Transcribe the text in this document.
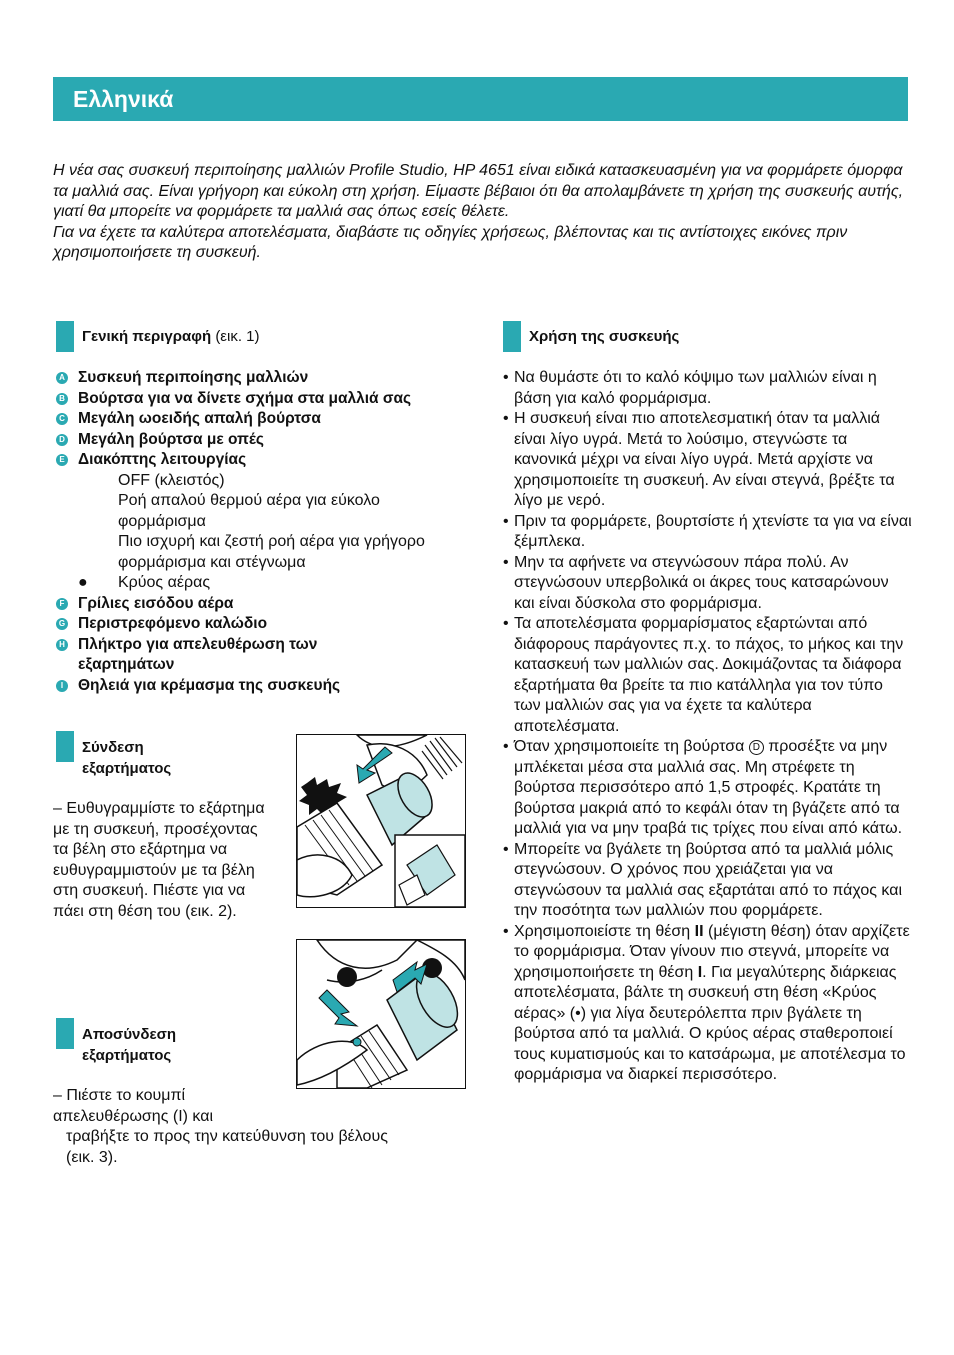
Ελληνικά

Η νέα σας συσκευή περιποίησης μαλλιών Profile Studio, HP 4651 είναι ειδικά κατασκευασμένη για να φορμάρετε όμορφα τα μαλλιά σας. Είναι γρήγορη και εύκολη στη χρήση. Είμαστε βέβαιοι ότι θα απολαμβάνετε τη χρήση της συσκευής αυτής, γιατί θα μπορείτε να φορμάρετε τα μαλλιά σας όπως εσείς θέλετε.

Για να έχετε τα καλύτερα αποτελέσματα, διαβάστε τις οδηγίες χρήσεως, βλέποντας και τις αντίστοιχες εικόνες πριν χρησιμοποιήσετε τη συσκευή.

Γενική περιγραφή (εικ. 1)
A Συσκευή περιποίησης μαλλιών
B Βούρτσα για να δίνετε σχήμα στα μαλλιά σας
C Μεγάλη ωοειδής απαλή βούρτσα
D Μεγάλη βούρτσα με οπές
E Διακόπτης λειτουργίας
OFF (κλειστός)
Ροή απαλού θερμού αέρα για εύκολο φορμάρισμα
Πιο ισχυρή και ζεστή ροή αέρα για γρήγορο φορμάρισμα και στέγνωμα
● Κρύος αέρας
F Γρίλιες εισόδου αέρα
G Περιστρεφόμενο καλώδιο
H Πλήκτρο για απελευθέρωση των εξαρτημάτων
I Θηλειά για κρέμασμα της συσκευής
Σύνδεση εξαρτήματος
– Ευθυγραμμίστε το εξάρτημα με τη συσκευή, προσέχοντας τα βέλη στο εξάρτημα να ευθυγραμμιστούν με τα βέλη στη συσκευή. Πιέστε για να πάει στη θέση του (εικ. 2).
Αποσύνδεση εξαρτήματος
– Πιέστε το κουμπί απελευθέρωσης (I) και
τραβήξτε το προς την κατεύθυνση του βέλους (εικ. 3).
Χρήση της συσκευής
• Να θυμάστε ότι το καλό κόψιμο των μαλλιών είναι η βάση για καλό φορμάρισμα.
• Η συσκευή είναι πιο αποτελεσματική όταν τα μαλλιά είναι λίγο υγρά. Μετά το λούσιμο, στεγνώστε τα κανονικά μέχρι να είναι λίγο υγρά. Μετά αρχίστε να χρησιμοποιείτε τη συσκευή. Αν είναι στεγνά, βρέξτε τα λίγο με νερό.
• Πριν τα φορμάρετε, βουρτσίστε ή χτενίστε τα για να είναι ξέμπλεκα.
• Μην τα αφήνετε να στεγνώσουν πάρα πολύ. Αν στεγνώσουν υπερβολικά οι άκρες τους κατσαρώνουν και είναι δύσκολα στο φορμάρισμα.
• Τα αποτελέσματα φορμαρίσματος εξαρτώνται από διάφορους παράγοντες π.χ. το πάχος, το μήκος και την κατασκευή των μαλλιών σας. Δοκιμάζοντας τα διάφορα εξαρτήματα θα βρείτε τα πιο κατάλληλα για τον τύπο των μαλλιών σας για να έχετε τα καλύτερα αποτελέσματα.
• Όταν χρησιμοποιείτε τη βούρτσα D προσέξτε να μην μπλέκεται μέσα στα μαλλιά σας. Μη στρέφετε τη βούρτσα περισσότερο από 1,5 στροφές. Κρατάτε τη βούρτσα μακριά από το κεφάλι όταν τη βγάζετε από τα μαλλιά για να μην τραβά τις τρίχες που είναι από κάτω.
• Μπορείτε να βγάλετε τη βούρτσα από τα μαλλιά μόλις στεγνώσουν. Ο χρόνος που χρειάζεται για να στεγνώσουν τα μαλλιά σας εξαρτάται από το πάχος και την ποσότητα των μαλλιών που φορμάρετε.
• Χρησιμοποιείστε τη θέση II (μέγιστη θέση) όταν αρχίζετε το φορμάρισμα. Όταν γίνουν πιο στεγνά, μπορείτε να χρησιμοποιήσετε τη θέση I. Για μεγαλύτερης διάρκειας αποτελέσματα, βάλτε τη συσκευή στη θέση «Κρύος αέρας» (•) για λίγα δευτερόλεπτα πριν βγάλετε τη βούρτσα από τα μαλλιά. Ο κρύος αέρας σταθεροποιεί τους κυματισμούς και το κατσάρωμα, με αποτέλεσμα το φορμάρισμα να διαρκεί περισσότερο.
